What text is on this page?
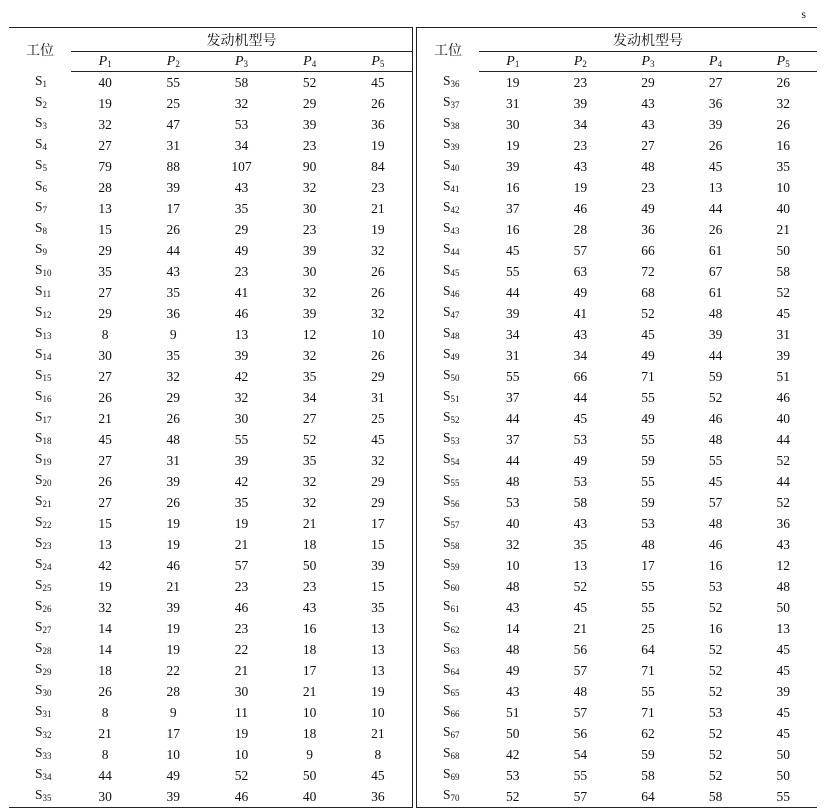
s
工位	发动机型号				
	$P_1$	$P_2$	$P_3$	$P_4$	$P_5$
$S_1$	40	55	58	52	45
$S_2$	19	25	32	29	26
$S_3$	32	47	53	39	36
$S_4$	27	31	34	23	19
$S_5$	79	88	107	90	84
$S_6$	28	39	43	32	23
$S_7$	13	17	35	30	21
$S_8$	15	26	29	23	19
$S_9$	29	44	49	39	32
$S_{10}$	35	43	23	30	26
$S_{11}$	27	35	41	32	26
$S_{12}$	29	36	46	39	32
$S_{13}$	8	9	13	12	10
$S_{14}$	30	35	39	32	26
$S_{15}$	27	32	42	35	29
$S_{16}$	26	29	32	34	31
$S_{17}$	21	26	30	27	25
$S_{18}$	45	48	55	52	45
$S_{19}$	27	31	39	35	32
$S_{20}$	26	39	42	32	29
$S_{21}$	27	26	35	32	29
$S_{22}$	15	19	19	21	17
$S_{23}$	13	19	21	18	15
$S_{24}$	42	46	57	50	39
$S_{25}$	19	21	23	23	15
$S_{26}$	32	39	46	43	35
$S_{27}$	14	19	23	16	13
$S_{28}$	14	19	22	18	13
$S_{29}$	18	22	21	17	13
$S_{30}$	26	28	30	21	19
$S_{31}$	8	9	11	10	10
$S_{32}$	21	17	19	18	21
$S_{33}$	8	10	10	9	8
$S_{34}$	44	49	52	50	45
$S_{35}$	30	39	46	40	36
工位	发动机型号				
	$P_1$	$P_2$	$P_3$	$P_4$	$P_5$
$S_{36}$	19	23	29	27	26
$S_{37}$	31	39	43	36	32
$S_{38}$	30	34	43	39	26
$S_{39}$	19	23	27	26	16
$S_{40}$	39	43	48	45	35
$S_{41}$	16	19	23	13	10
$S_{42}$	37	46	49	44	40
$S_{43}$	16	28	36	26	21
$S_{44}$	45	57	66	61	50
$S_{45}$	55	63	72	67	58
$S_{46}$	44	49	68	61	52
$S_{47}$	39	41	52	48	45
$S_{48}$	34	43	45	39	31
$S_{49}$	31	34	49	44	39
$S_{50}$	55	66	71	59	51
$S_{51}$	37	44	55	52	46
$S_{52}$	44	45	49	46	40
$S_{53}$	37	53	55	48	44
$S_{54}$	44	49	59	55	52
$S_{55}$	48	53	55	45	44
$S_{56}$	53	58	59	57	52
$S_{57}$	40	43	53	48	36
$S_{58}$	32	35	48	46	43
$S_{59}$	10	13	17	16	12
$S_{60}$	48	52	55	53	48
$S_{61}$	43	45	55	52	50
$S_{62}$	14	21	25	16	13
$S_{63}$	48	56	64	52	45
$S_{64}$	49	57	71	52	45
$S_{65}$	43	48	55	52	39
$S_{66}$	51	57	71	53	45
$S_{67}$	50	56	62	52	45
$S_{68}$	42	54	59	52	50
$S_{69}$	53	55	58	52	50
$S_{70}$	52	57	64	58	55
